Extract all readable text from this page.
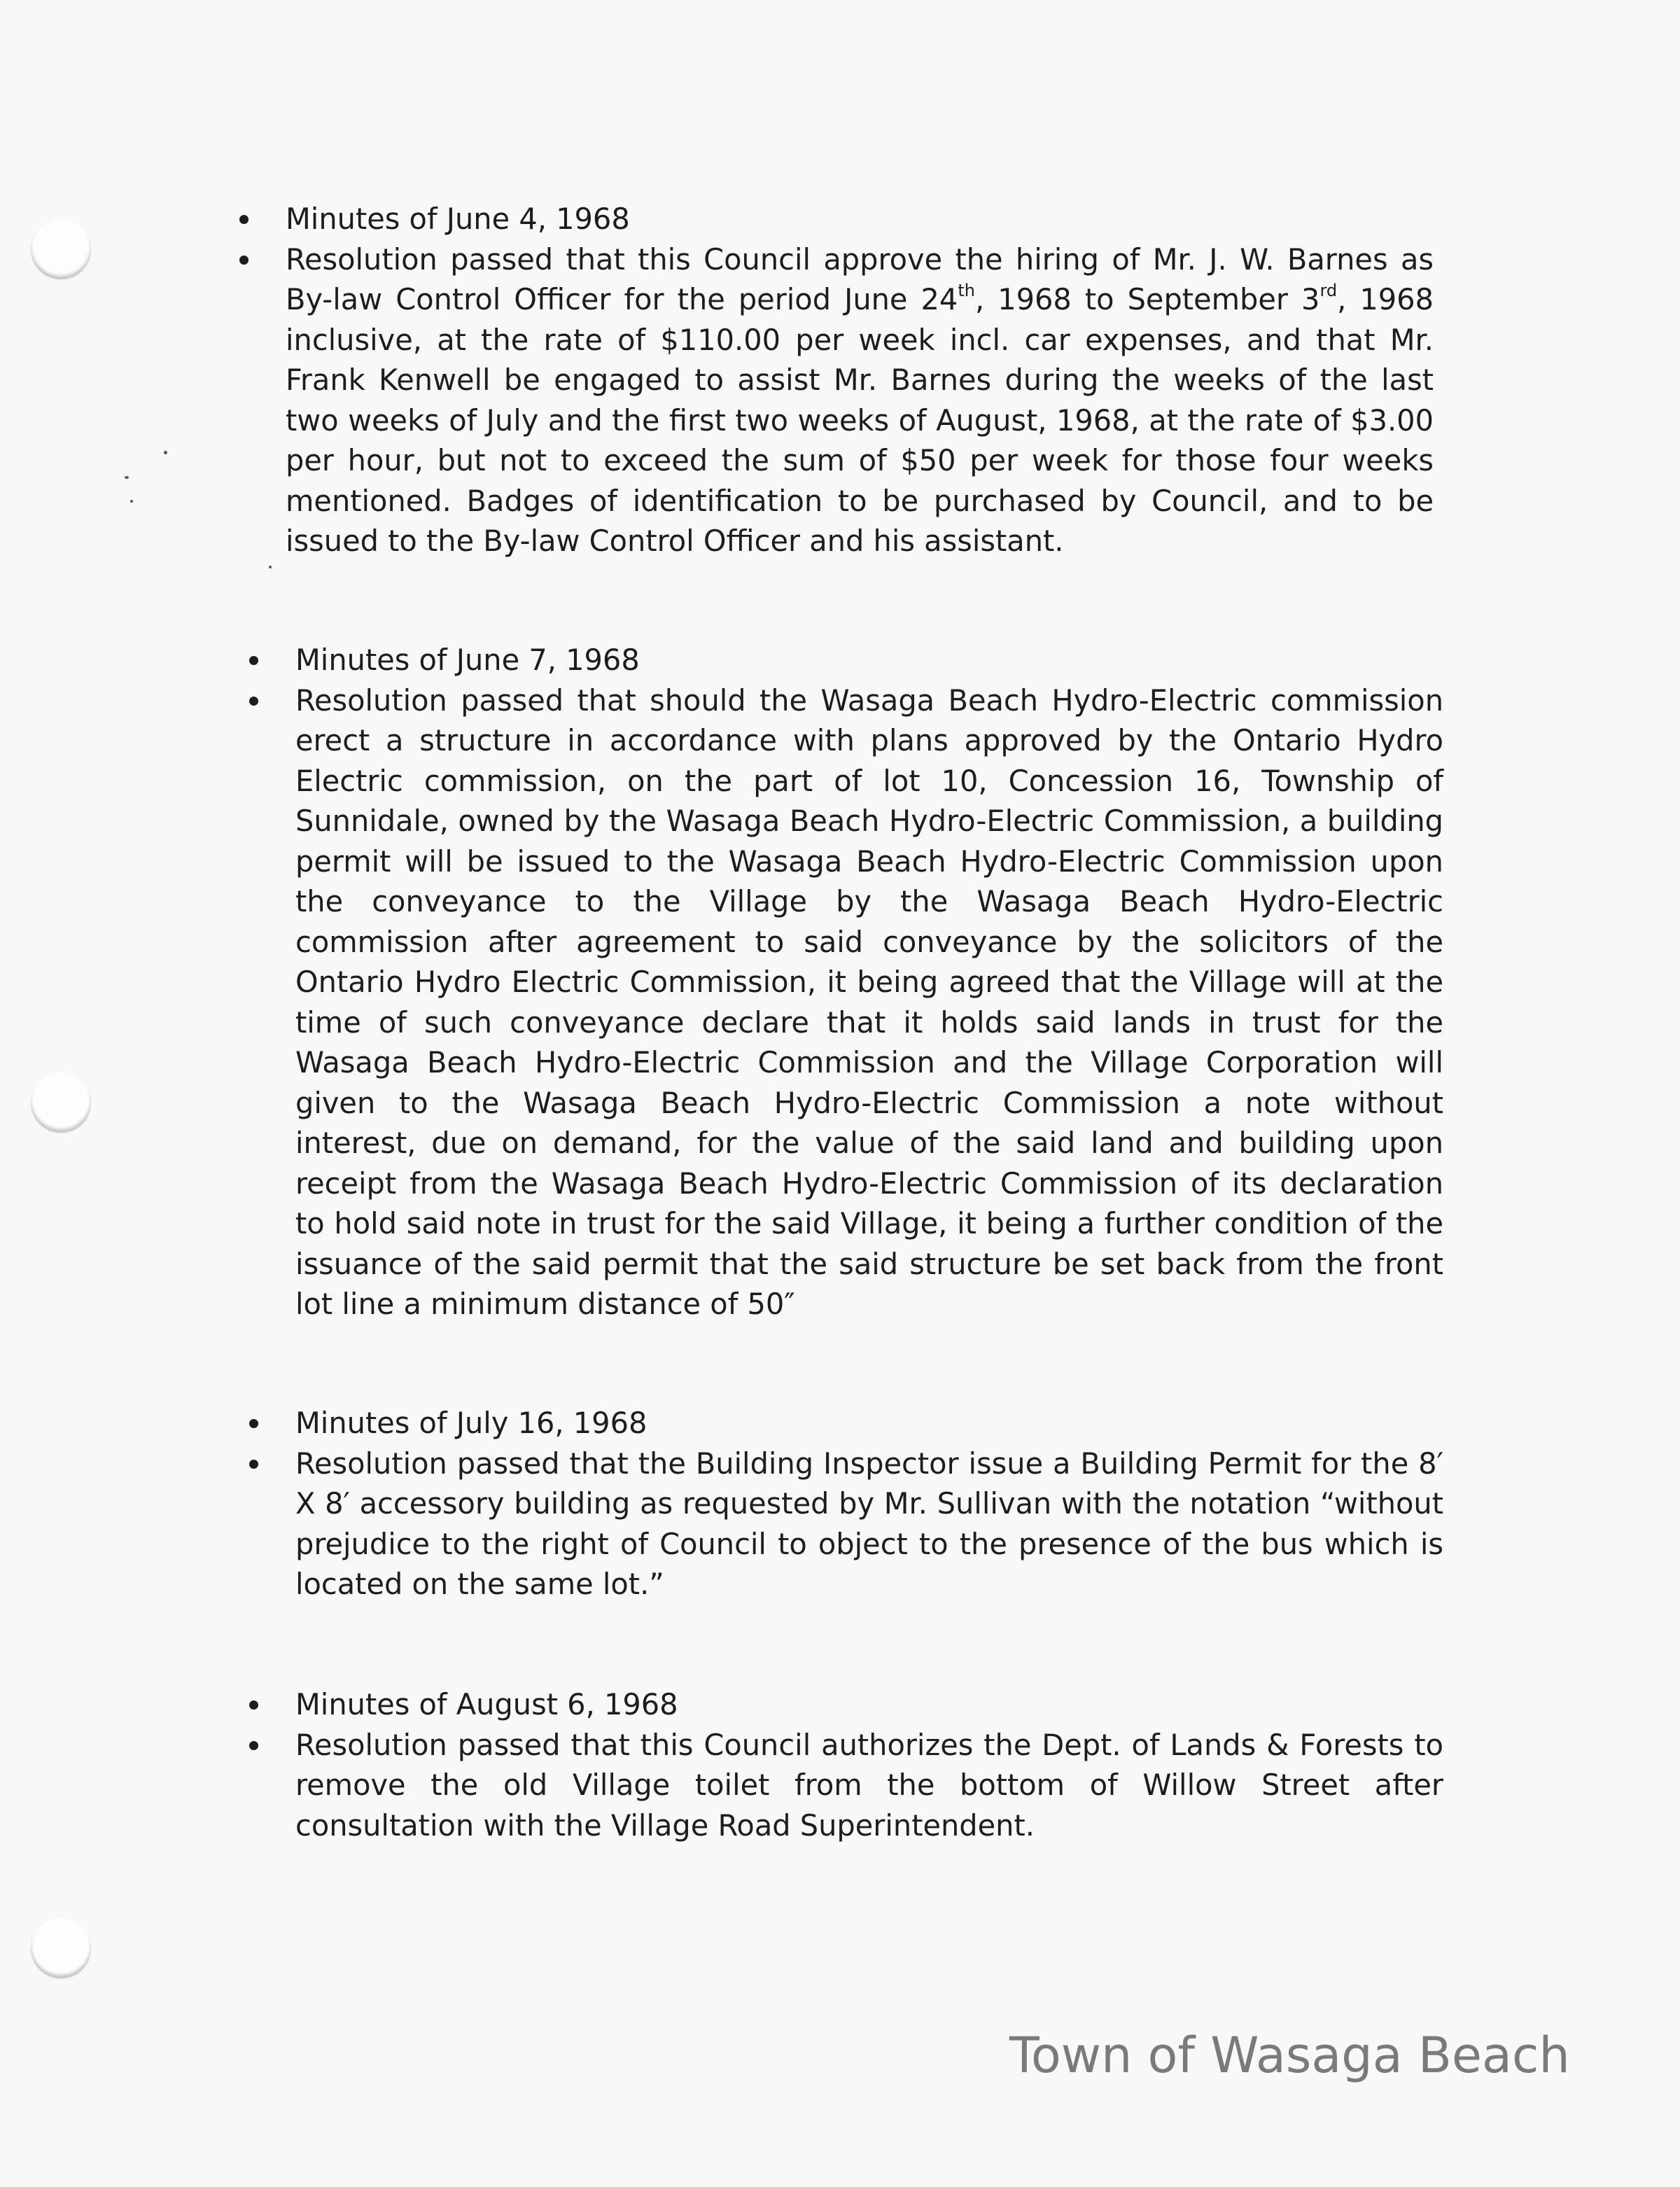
Minutes of June 4, 1968
Resolution passed that this Council approve the hiring of Mr. J. W. Barnes as By-law Control Officer for the period June 24th, 1968 to September 3rd, 1968 inclusive, at the rate of $110.00 per week incl. car expenses, and that Mr. Frank Kenwell be engaged to assist Mr. Barnes during the weeks of the last two weeks of July and the first two weeks of August, 1968, at the rate of $3.00 per hour, but not to exceed the sum of $50 per week for those four weeks mentioned. Badges of identification to be purchased by Council, and to be issued to the By-law Control Officer and his assistant.
Minutes of June 7, 1968
Resolution passed that should the Wasaga Beach Hydro-Electric commission erect a structure in accordance with plans approved by the Ontario Hydro Electric commission, on the part of lot 10, Concession 16, Township of Sunnidale, owned by the Wasaga Beach Hydro-Electric Commission, a building permit will be issued to the Wasaga Beach Hydro-Electric Commission upon the conveyance to the Village by the Wasaga Beach Hydro-Electric commission after agreement to said conveyance by the solicitors of the Ontario Hydro Electric Commission, it being agreed that the Village will at the time of such conveyance declare that it holds said lands in trust for the Wasaga Beach Hydro-Electric Commission and the Village Corporation will given to the Wasaga Beach Hydro-Electric Commission a note without interest, due on demand, for the value of the said land and building upon receipt from the Wasaga Beach Hydro-Electric Commission of its declaration to hold said note in trust for the said Village, it being a further condition of the issuance of the said permit that the said structure be set back from the front lot line a minimum distance of 50″
Minutes of July 16, 1968
Resolution passed that the Building Inspector issue a Building Permit for the 8′ X 8′ accessory building as requested by Mr. Sullivan with the notation “without prejudice to the right of Council to object to the presence of the bus which is located on the same lot.”
Minutes of August 6, 1968
Resolution passed that this Council authorizes the Dept. of Lands & Forests to remove the old Village toilet from the bottom of Willow Street after consultation with the Village Road Superintendent.
Town of Wasaga Beach
